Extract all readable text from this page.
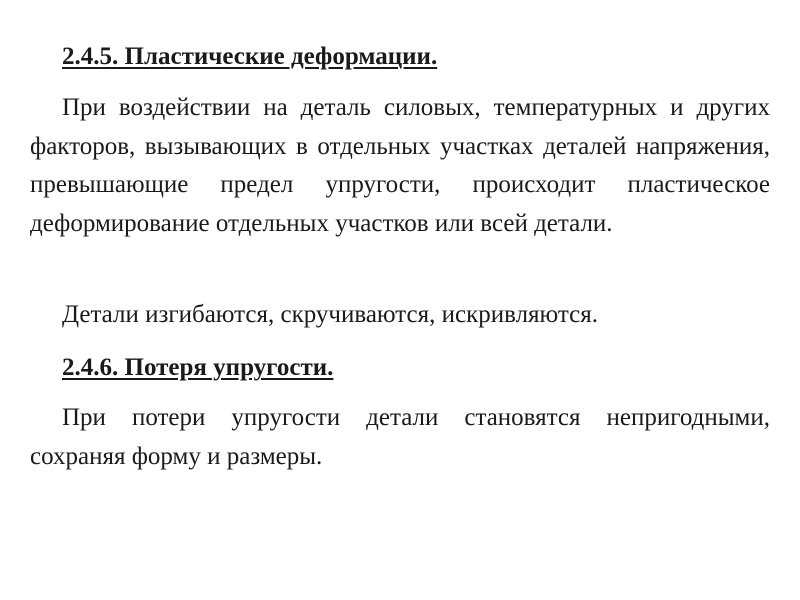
2.4.5. Пластические деформации.

При воздействии на деталь силовых, температурных и других факторов, вызывающих в отдельных участках деталей напряжения, превышающие предел упругости, происходит пластическое деформирование отдельных участков или всей детали.

Детали изгибаются, скручиваются, искривляются.

2.4.6. Потеря упругости.

При потери упругости детали становятся непригодными, сохраняя форму и размеры.
